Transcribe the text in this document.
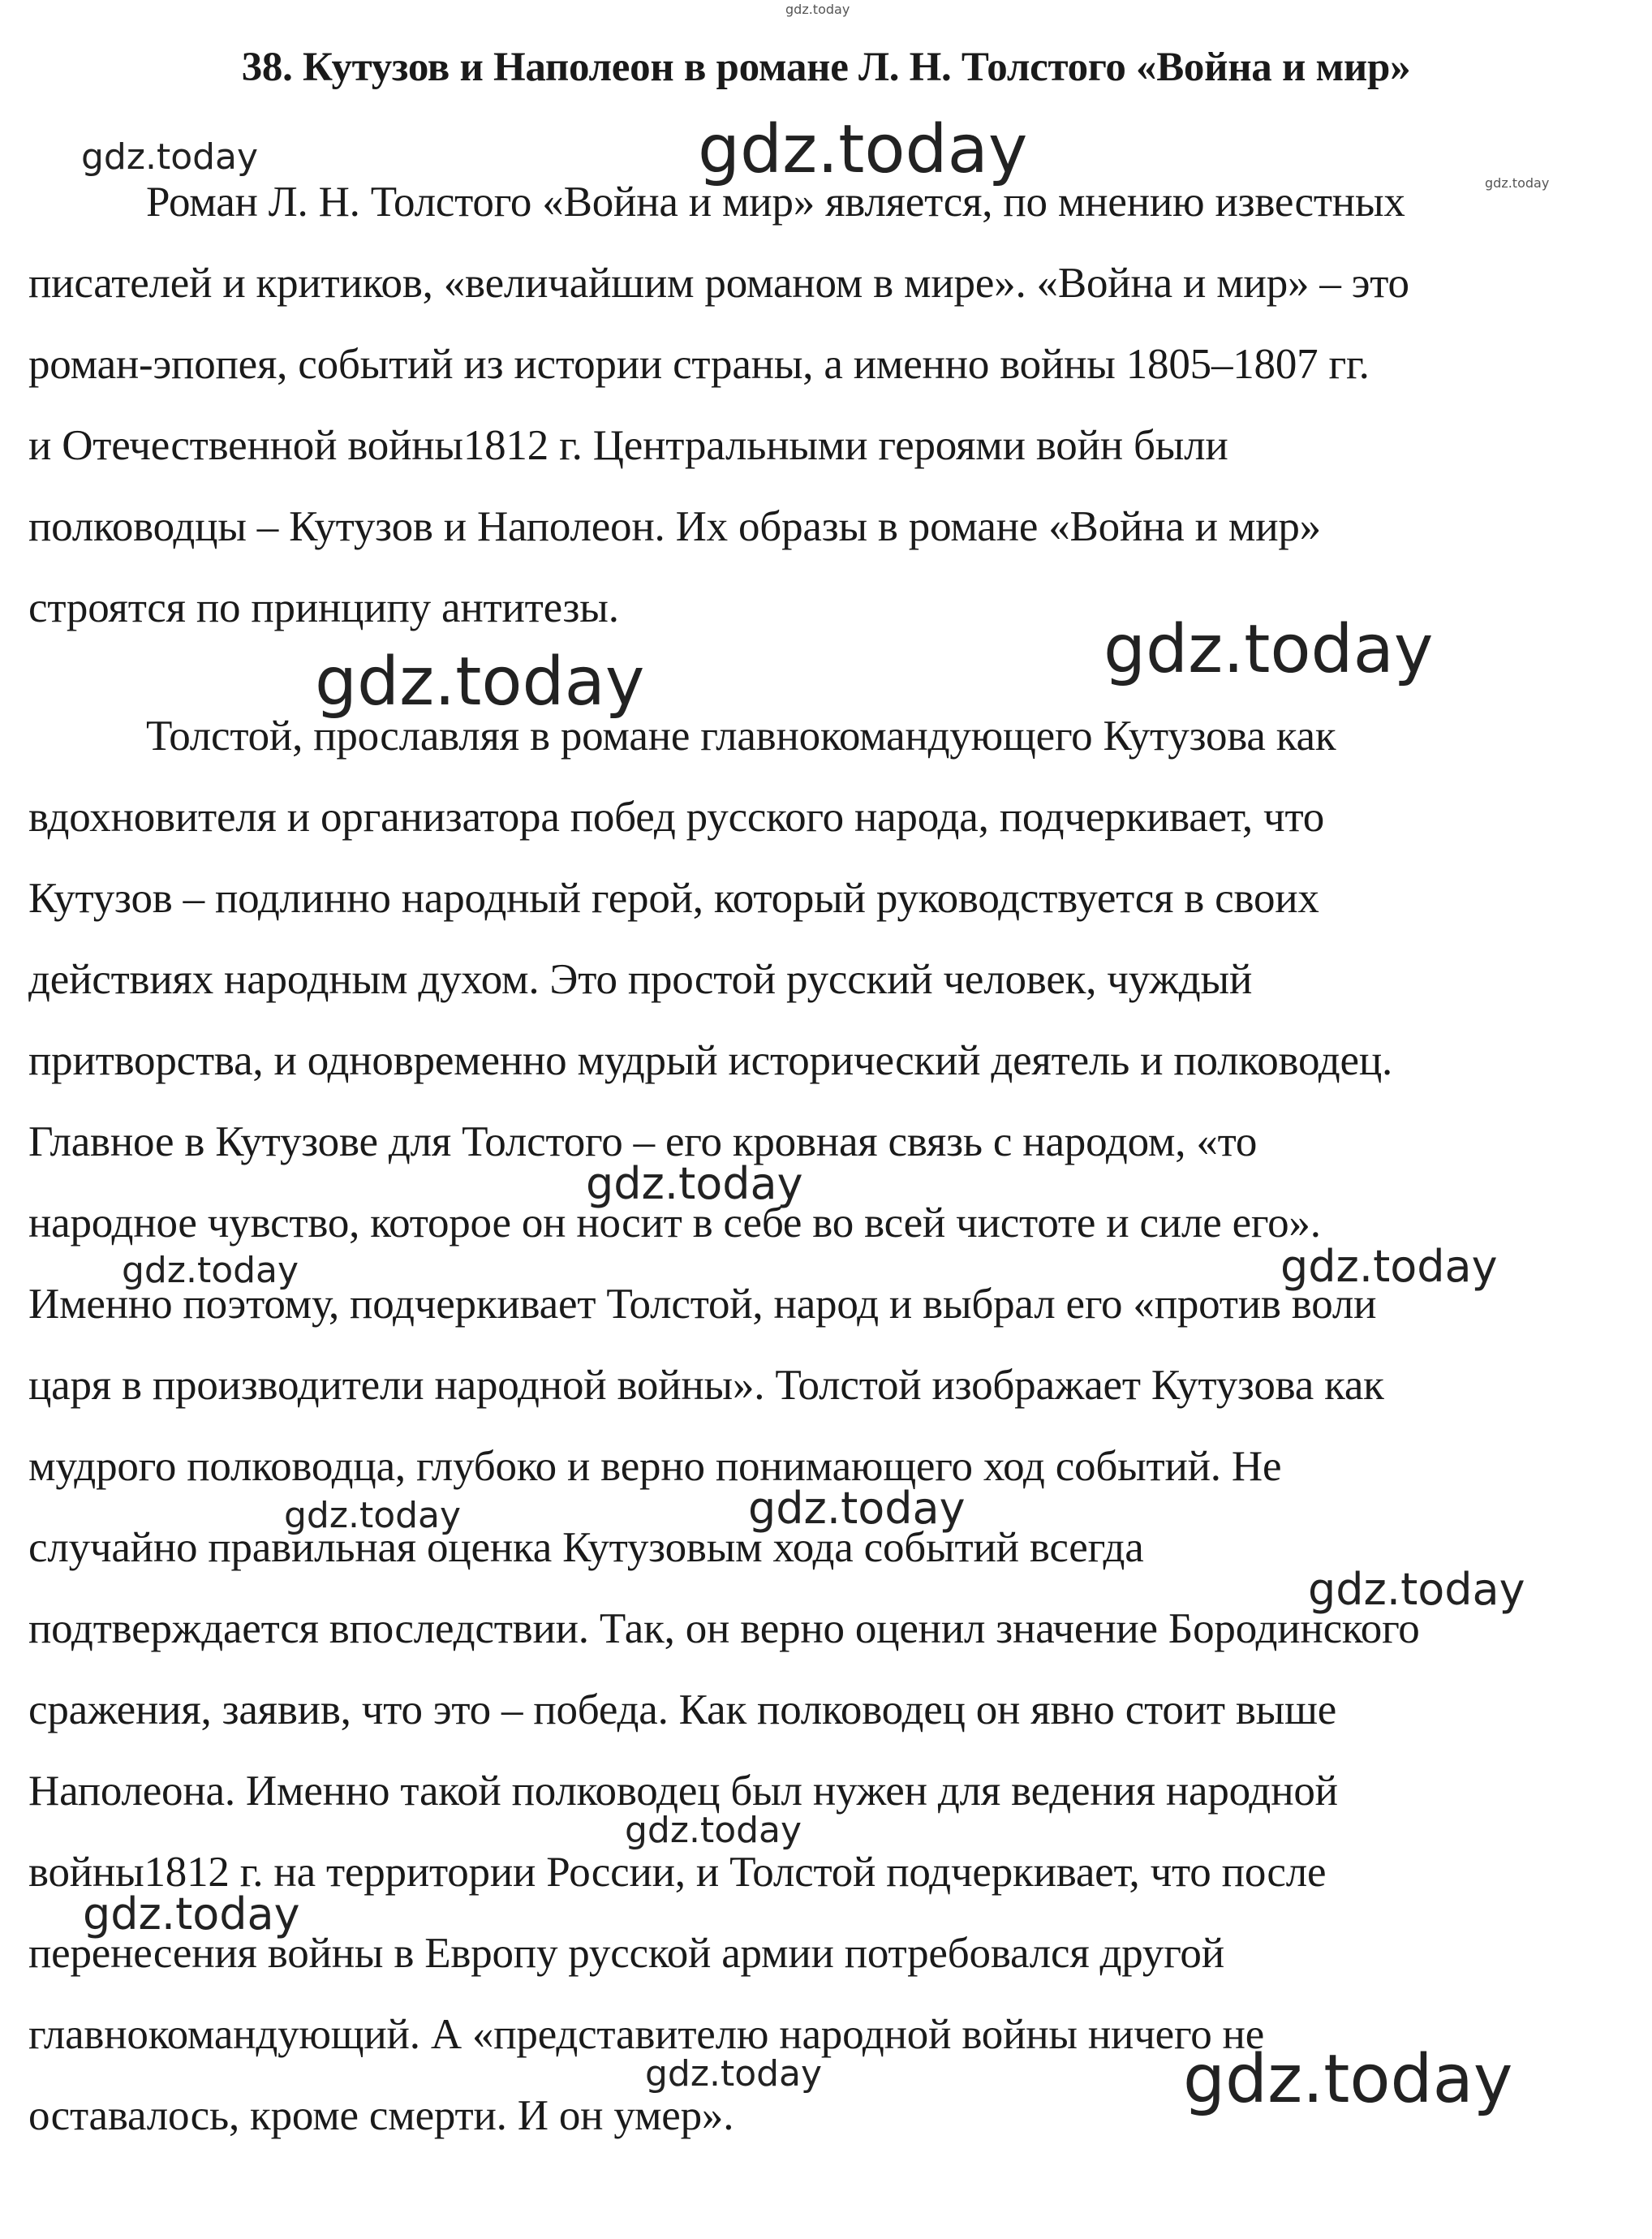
38. Кутузов и Наполеон в романе Л. Н. Толстого «Война и мир»

Роман Л. Н. Толстого «Война и мир» является, по мнению известных

писателей и критиков, «величайшим романом в мире». «Война и мир» – это

роман-эпопея, событий из истории страны, а именно войны 1805–1807 гг.

и Отечественной войны1812 г. Центральными героями войн были

полководцы – Кутузов и Наполеон. Их образы в романе «Война и мир»

строятся по принципу антитезы.

Толстой, прославляя в романе главнокомандующего Кутузова как

вдохновителя и организатора побед русского народа, подчеркивает, что

Кутузов – подлинно народный герой, который руководствуется в своих

действиях народным духом. Это простой русский человек, чуждый

притворства, и одновременно мудрый исторический деятель и полководец.

Главное в Кутузове для Толстого – его кровная связь с народом, «то

народное чувство, которое он носит в себе во всей чистоте и силе его».

Именно поэтому, подчеркивает Толстой, народ и выбрал его «против воли

царя в производители народной войны». Толстой изображает Кутузова как

мудрого полководца, глубоко и верно понимающего ход событий. Не

случайно правильная оценка Кутузовым хода событий всегда

подтверждается впоследствии. Так, он верно оценил значение Бородинского

сражения, заявив, что это – победа. Как полководец он явно стоит выше

Наполеона. Именно такой полководец был нужен для ведения народной

войны1812 г. на территории России, и Толстой подчеркивает, что после

перенесения войны в Европу русской армии потребовался другой

главнокомандующий. А «представителю народной войны ничего не

оставалось, кроме смерти. И он умер».

gdz.today
gdz.today	gdz.today	gdz.today
gdz.today
gdz.today
gdz.today
gdz.today	gdz.today
gdz.today	gdz.today
gdz.today
gdz.today
gdz.today
gdz.today	gdz.today
